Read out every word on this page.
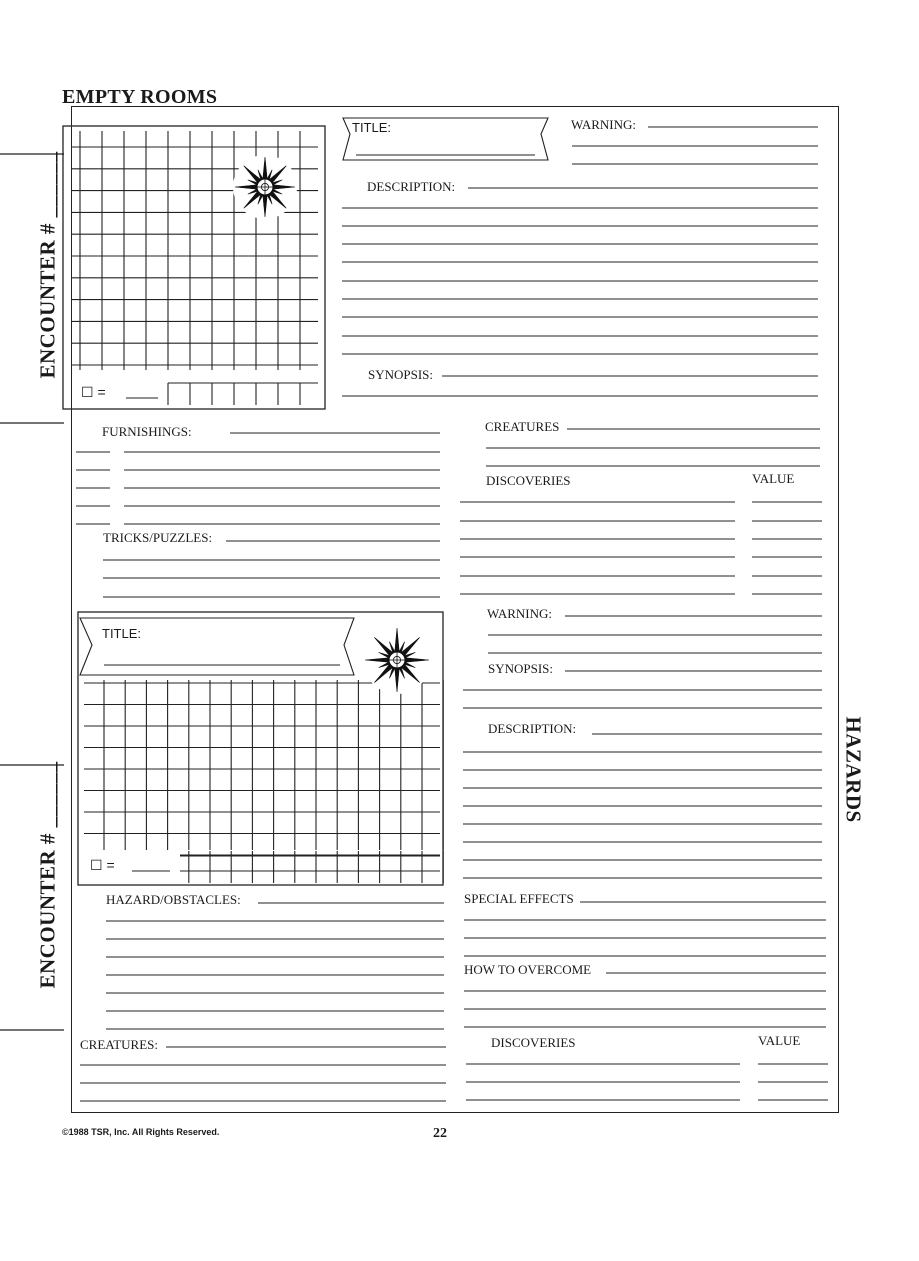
EMPTY ROOMS
ENCOUNTER # ______
ENCOUNTER # ______	HAZARDS
TITLE:	WARNING:
DESCRIPTION:
SYNOPSIS:
☐ =
FURNISHINGS:
TRICKS/PUZZLES:
CREATURES
DISCOVERIES	VALUE
TITLE:
WARNING:
SYNOPSIS:
DESCRIPTION:
☐ =
HAZARD/OBSTACLES:	SPECIAL EFFECTS
HOW TO OVERCOME
CREATURES:	DISCOVERIES	VALUE
©1988 TSR, Inc. All Rights Reserved.	22
